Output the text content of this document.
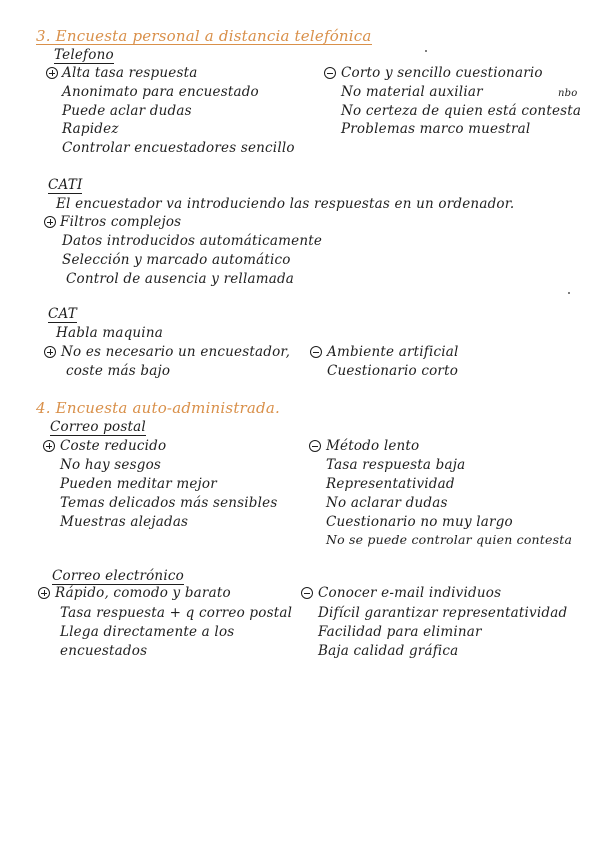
3. Encuesta personal a distancia telefónica
Telefono
Alta tasa respuesta
Anonimato para encuestado
Puede aclar dudas
Rapidez
Controlar encuestadores sencillo
Corto y sencillo cuestionario
No material auxiliar	nbo
No certeza de quien está contesta
Problemas marco muestral
CATI
El encuestador va introduciendo las respuestas en un ordenador.
Filtros complejos
Datos introducidos automáticamente
Selección y marcado automático
Control de ausencia y rellamada
CAT
Habla maquina
No es necesario un encuestador,
coste más bajo
Ambiente artificial
Cuestionario corto
4. Encuesta auto-administrada.
Correo postal
Coste reducido
No hay sesgos
Pueden meditar mejor
Temas delicados más sensibles
Muestras alejadas
Método lento
Tasa respuesta baja
Representatividad
No aclarar dudas
Cuestionario no muy largo
No se puede controlar quien contesta
Correo electrónico
Rápido, comodo y barato
Tasa respuesta + q correo postal
Llega directamente a los
encuestados
Conocer e-mail individuos
Difícil garantizar representatividad
Facilidad para eliminar
Baja calidad gráfica
